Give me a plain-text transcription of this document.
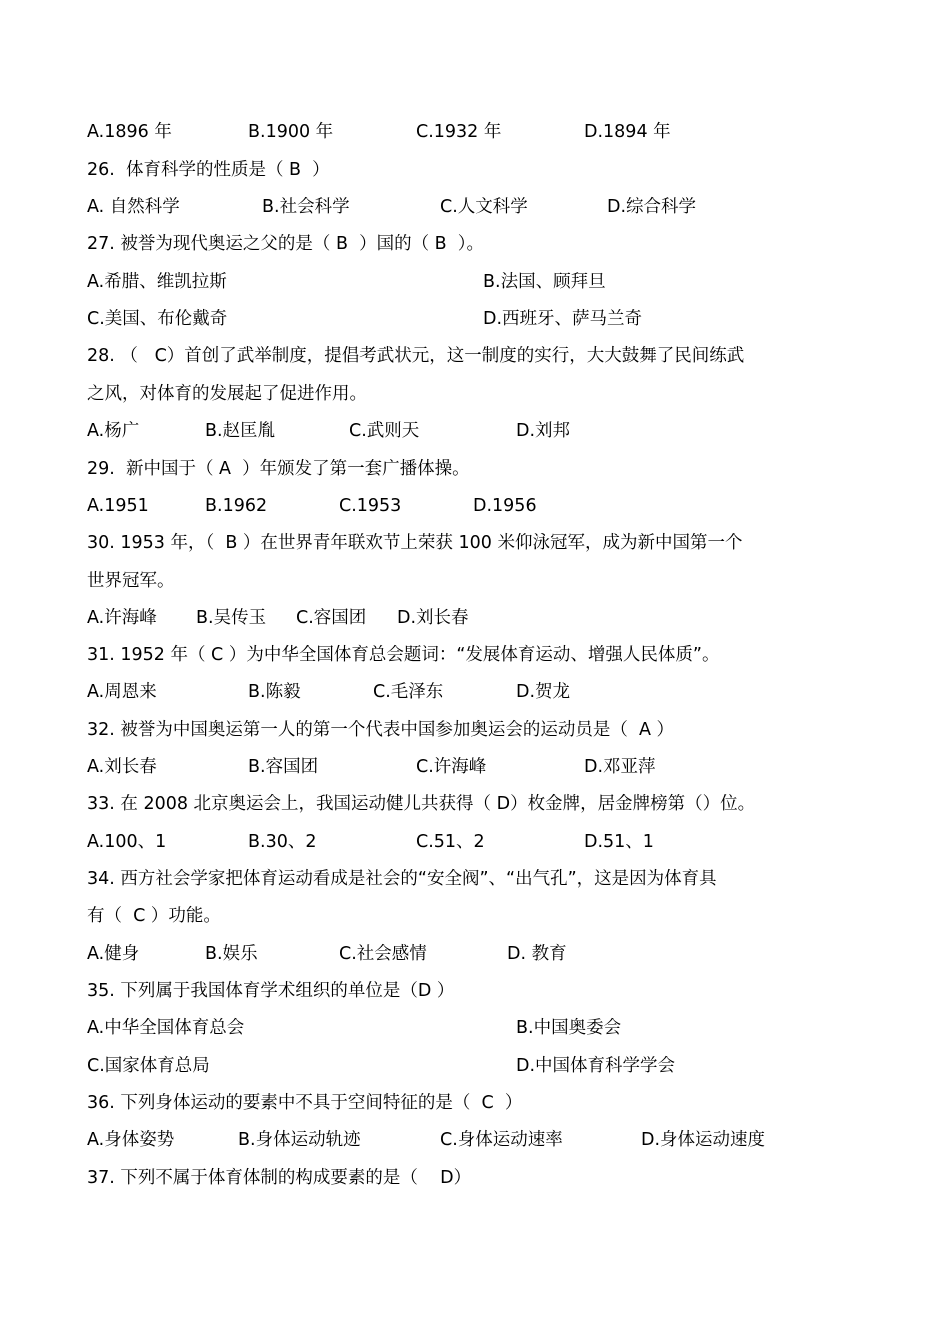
A.1896 年	B.1900 年	C.1932 年	D.1894 年
26.  体育科学的性质是（ B  ）
A. 自然科学	B.社会科学	C.人文科学	D.综合科学
27. 被誉为现代奥运之父的是（ B  ）国的（ B  ）。
A.希腊、维凯拉斯	B.法国、顾拜旦
C.美国、布伦戴奇	D.西班牙、萨马兰奇
28. （   C）首创了武举制度，提倡考武状元，这一制度的实行，大大鼓舞了民间练武
之风，对体育的发展起了促进作用。
A.杨广	B.赵匡胤	C.武则天	D.刘邦
29.  新中国于（ A  ）年颁发了第一套广播体操。
A.1951	B.1962	C.1953	D.1956
30. 1953 年，（  B ）在世界青年联欢节上荣获 100 米仰泳冠军，成为新中国第一个
世界冠军。
A.许海峰 B.吴传玉 C.容国团 D.刘长春
31. 1952 年（ C ）为中华全国体育总会题词：“发展体育运动、增强人民体质”。
A.周恩来	B.陈毅	C.毛泽东	D.贺龙
32. 被誉为中国奥运第一人的第一个代表中国参加奥运会的运动员是（  A ）
A.刘长春	B.容国团	C.许海峰	D.邓亚萍
33. 在 2008 北京奥运会上，我国运动健儿共获得（ D）枚金牌，居金牌榜第（）位。
A.100、1	B.30、2	C.51、2	D.51、1
34. 西方社会学家把体育运动看成是社会的“安全阀”、“出气孔”，这是因为体育具
有（  C ）功能。
A.健身	B.娱乐	C.社会感情	D. 教育
35. 下列属于我国体育学术组织的单位是（D ）
A.中华全国体育总会	B.中国奥委会
C.国家体育总局	D.中国体育科学学会
36. 下列身体运动的要素中不具于空间特征的是（  C  ）
A.身体姿势	B.身体运动轨迹	C.身体运动速率	D.身体运动速度
37. 下列不属于体育体制的构成要素的是（    D）
